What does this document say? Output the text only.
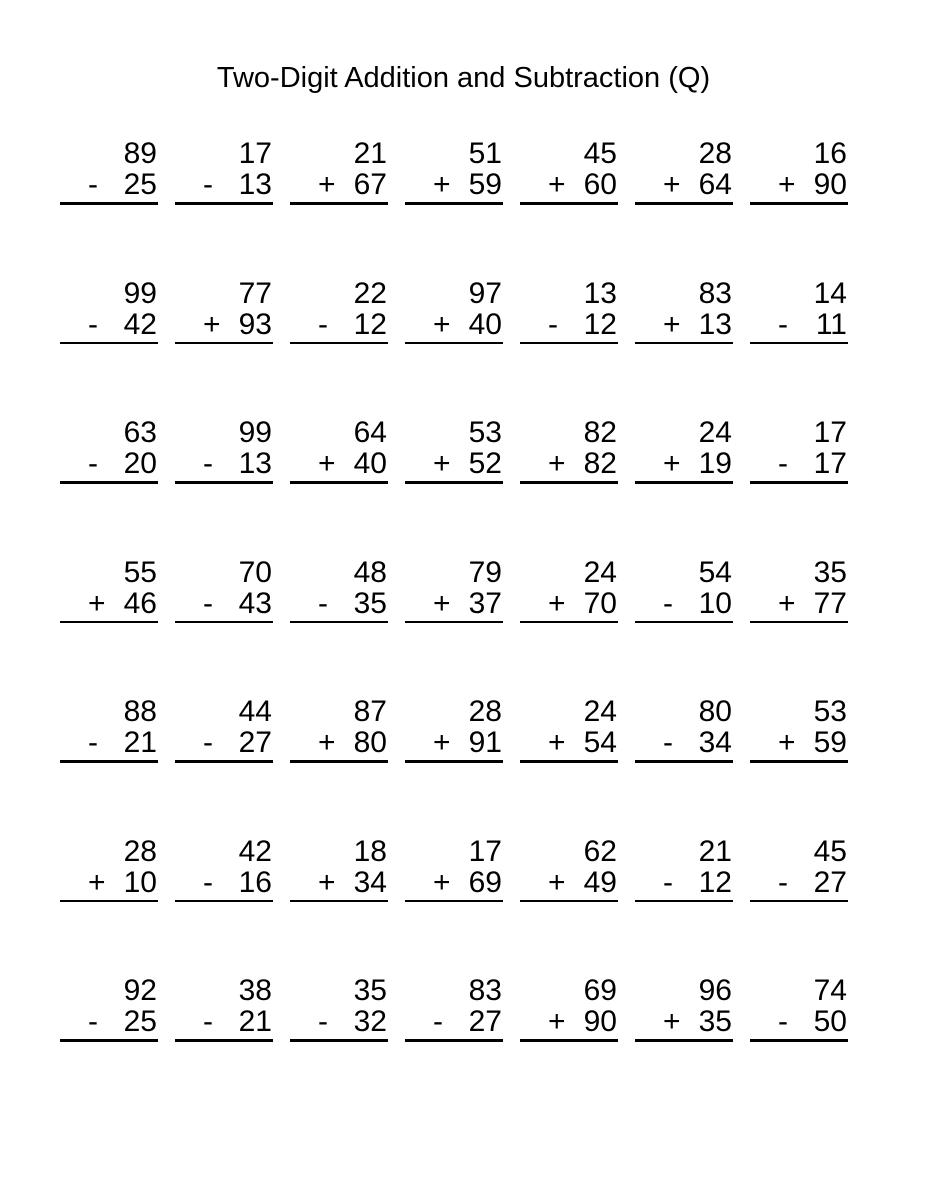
Two-Digit Addition and Subtraction (Q)
89
- 25
17
- 13
21
+ 67
51
+ 59
45
+ 60
28
+ 64
16
+ 90
99
- 42
77
+ 93
22
- 12
97
+ 40
13
- 12
83
+ 13
14
- 11
63
- 20
99
- 13
64
+ 40
53
+ 52
82
+ 82
24
+ 19
17
- 17
55
+ 46
70
- 43
48
- 35
79
+ 37
24
+ 70
54
- 10
35
+ 77
88
- 21
44
- 27
87
+ 80
28
+ 91
24
+ 54
80
- 34
53
+ 59
28
+ 10
42
- 16
18
+ 34
17
+ 69
62
+ 49
21
- 12
45
- 27
92
- 25
38
- 21
35
- 32
83
- 27
69
+ 90
96
+ 35
74
- 50
